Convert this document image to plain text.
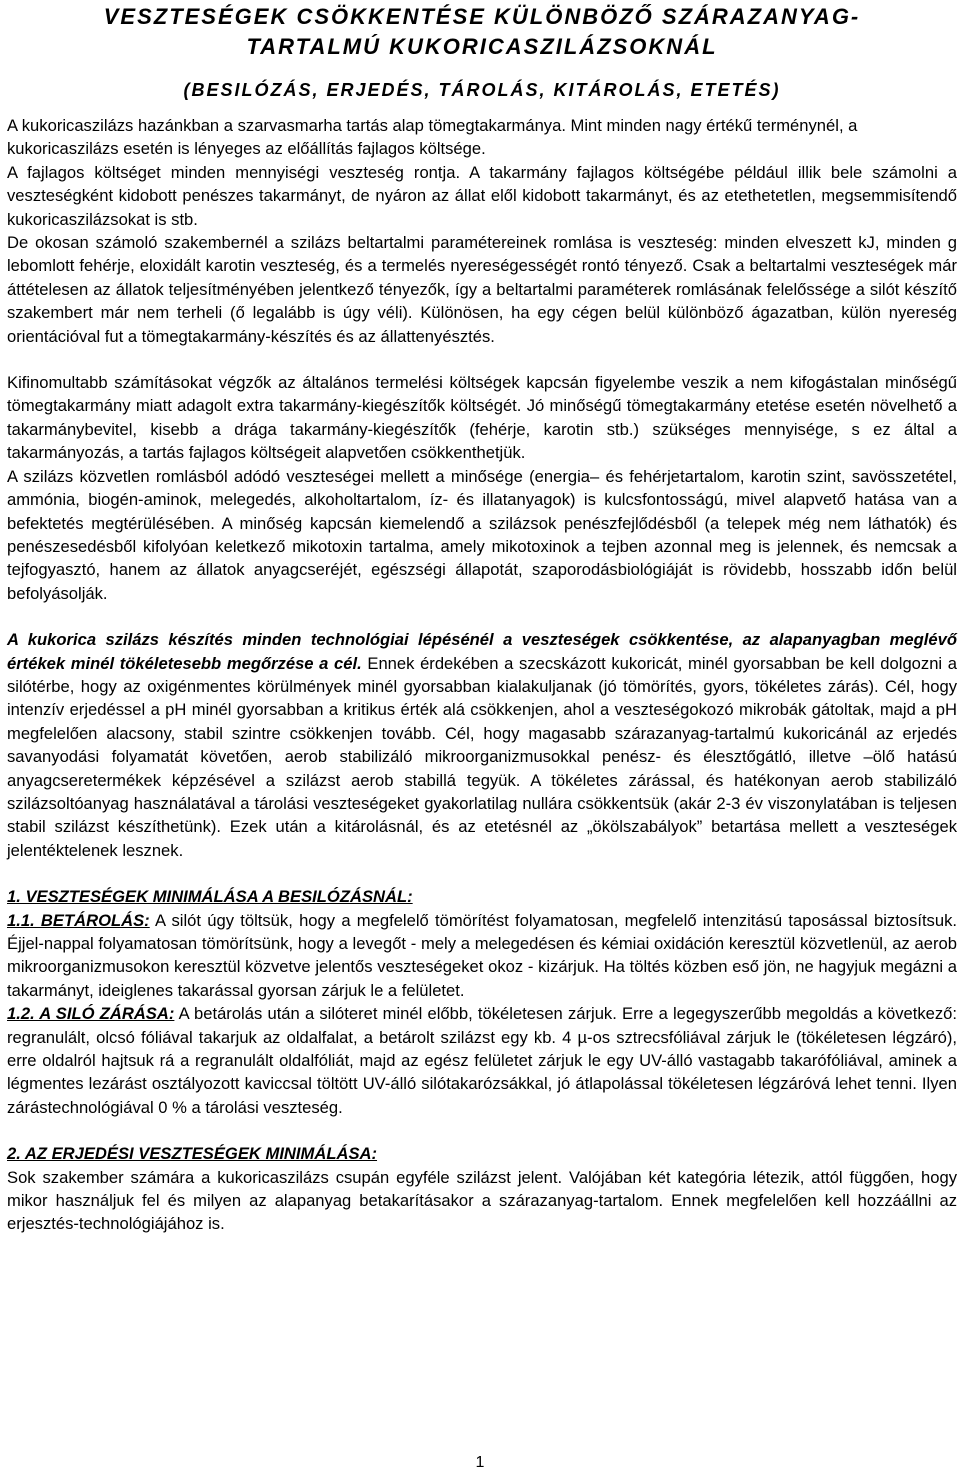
VESZTESÉGEK CSÖKKENTÉSE KÜLÖNBÖZŐ SZÁRAZANYAG-
TARTALMÚ KUKORICASZILÁZSOKNÁL
(BESILÓZÁS, ERJEDÉS, TÁROLÁS, KITÁROLÁS, ETETÉS)

A kukoricaszilázs hazánkban a szarvasmarha tartás alap tömegtakarmánya. Mint minden nagy értékű terménynél, a kukoricaszilázs esetén is lényeges az előállítás fajlagos költsége.

A fajlagos költséget minden mennyiségi veszteség rontja. A takarmány fajlagos költségébe például illik bele számolni a veszteségként kidobott penészes takarmányt, de nyáron az állat elől kidobott takarmányt, és az etethetetlen, megsemmisítendő kukoricaszilázsokat is stb.

De okosan számoló szakembernél a szilázs beltartalmi paramétereinek romlása is veszteség: minden elveszett kJ, minden g lebomlott fehérje, eloxidált karotin veszteség, és a termelés nyereségességét rontó tényező. Csak a beltartalmi veszteségek már áttételesen az állatok teljesítményében jelentkező tényezők, így a beltartalmi paraméterek romlásának felelőssége a silót készítő szakembert már nem terheli (ő legalább is úgy véli). Különösen, ha egy cégen belül különböző ágazatban, külön nyereség orientációval fut a tömegtakarmány-készítés és az állattenyésztés.

Kifinomultabb számításokat végzők az általános termelési költségek kapcsán figyelembe veszik a nem kifogástalan minőségű tömegtakarmány miatt adagolt extra takarmány-kiegészítők költségét. Jó minőségű tömegtakarmány etetése esetén növelhető a takarmánybevitel, kisebb a drága takarmány-kiegészítők (fehérje, karotin stb.) szükséges mennyisége, s ez által a takarmányozás, a tartás fajlagos költségeit alapvetően csökkenthetjük.

A szilázs közvetlen romlásból adódó veszteségei mellett a minősége (energia– és fehérjetartalom, karotin szint, savösszetétel, ammónia, biogén-aminok, melegedés, alkoholtartalom, íz- és illatanyagok) is kulcsfontosságú, mivel alapvető hatása van a befektetés megtérülésében. A minőség kapcsán kiemelendő a szilázsok penészfejlődésből (a telepek még nem láthatók) és penészesedésből kifolyóan keletkező mikotoxin tartalma, amely mikotoxinok a tejben azonnal meg is jelennek, és nemcsak a tejfogyasztó, hanem az állatok anyagcseréjét, egészségi állapotát, szaporodásbiológiáját is rövidebb, hosszabb időn belül befolyásolják.

A kukorica szilázs készítés minden technológiai lépésénél a veszteségek csökkentése, az alapanyagban meglévő értékek minél tökéletesebb megőrzése a cél. Ennek érdekében a szecskázott kukoricát, minél gyorsabban be kell dolgozni a silótérbe, hogy az oxigénmentes körülmények minél gyorsabban kialakuljanak (jó tömörítés, gyors, tökéletes zárás). Cél, hogy intenzív erjedéssel a pH minél gyorsabban a kritikus érték alá csökkenjen, ahol a veszteségokozó mikrobák gátoltak, majd a pH megfelelően alacsony, stabil szintre csökkenjen tovább. Cél, hogy magasabb szárazanyag-tartalmú kukoricánál az erjedés savanyodási folyamatát követően, aerob stabilizáló mikroorganizmusokkal penész- és élesztőgátló, illetve –ölő hatású anyagcseretermékek képzésével a szilázst aerob stabillá tegyük. A tökéletes zárással, és hatékonyan aerob stabilizáló szilázsoltóanyag használatával a tárolási veszteségeket gyakorlatilag nullára csökkentsük (akár 2-3 év viszonylatában is teljesen stabil szilázst készíthetünk). Ezek után a kitárolásnál, és az etetésnél az „ökölszabályok” betartása mellett a veszteségek jelentéktelenek lesznek.

1. VESZTESÉGEK MINIMÁLÁSA A BESILÓZÁSNÁL:

1.1. BETÁROLÁS: A silót úgy töltsük, hogy a megfelelő tömörítést folyamatosan, megfelelő intenzitású taposással biztosítsuk. Éjjel-nappal folyamatosan tömörítsünk, hogy a levegőt - mely a melegedésen és kémiai oxidáción keresztül közvetlenül, az aerob mikroorganizmusokon keresztül közvetve jelentős veszteségeket okoz - kizárjuk. Ha töltés közben eső jön, ne hagyjuk megázni a takarmányt, ideiglenes takarással gyorsan zárjuk le a felületet.

1.2. A SILÓ ZÁRÁSA: A betárolás után a silóteret minél előbb, tökéletesen zárjuk. Erre a legegyszerűbb megoldás a következő: regranulált, olcsó fóliával takarjuk az oldalfalat, a betárolt szilázst egy kb. 4 µ-os sztrecsfóliával zárjuk le (tökéletesen légzáró), erre oldalról hajtsuk rá a regranulált oldalfóliát, majd az egész felületet zárjuk le egy UV-álló vastagabb takarófóliával, aminek a légmentes lezárást osztályozott kaviccsal töltött UV-álló silótakarózsákkal, jó átlapolással tökéletesen légzáróvá lehet tenni. Ilyen zárástechnológiával 0 % a tárolási veszteség.

2. AZ ERJEDÉSI VESZTESÉGEK MINIMÁLÁSA:

Sok szakember számára a kukoricaszilázs csupán egyféle szilázst jelent. Valójában két kategória létezik, attól függően, hogy mikor használjuk fel és milyen az alapanyag betakarításakor a szárazanyag-tartalom. Ennek megfelelően kell hozzáállni az erjesztés-technológiájához is.

1
